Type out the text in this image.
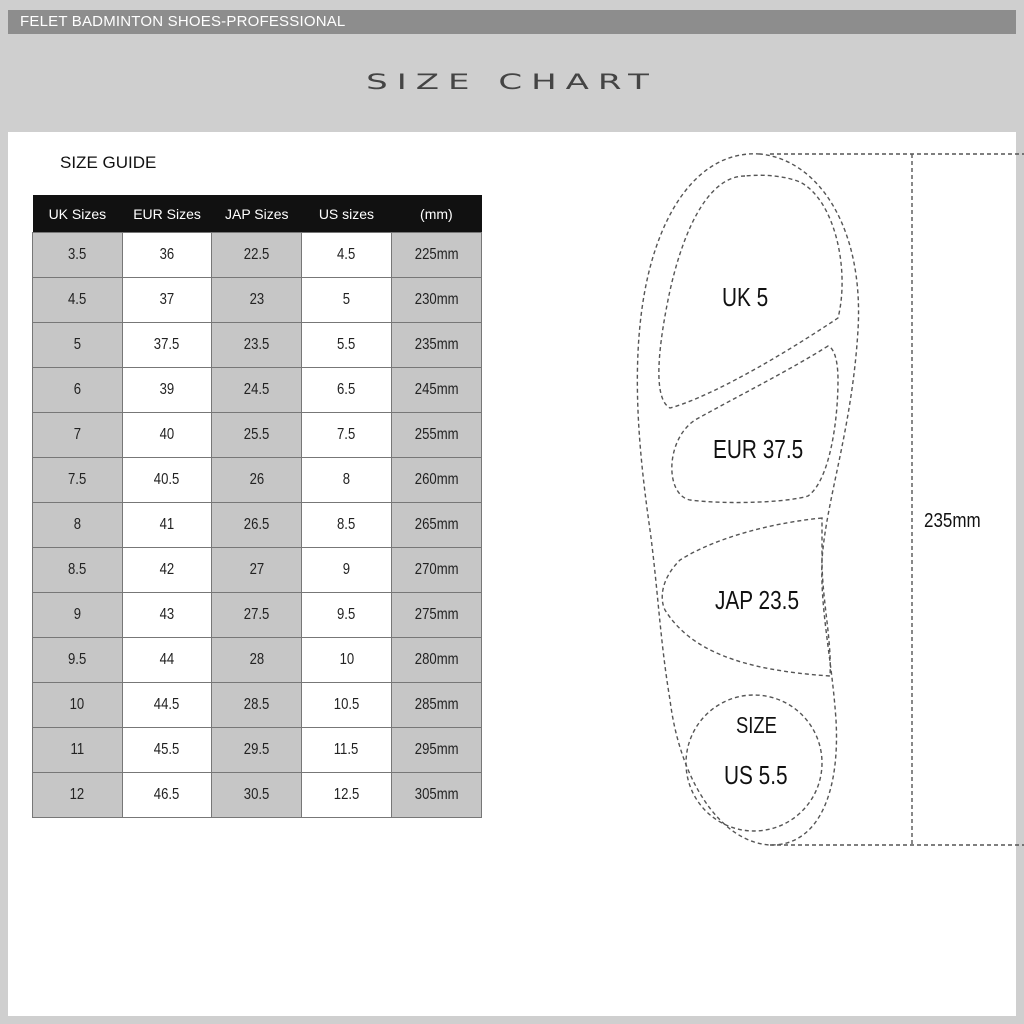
FELET BADMINTON SHOES-PROFESSIONAL
SIZE CHART
SIZE GUIDE
UK Sizes	EUR Sizes	JAP Sizes	US sizes	(mm)
3.5	36	22.5	4.5	225mm
4.5	37	23	5	230mm
5	37.5	23.5	5.5	235mm
6	39	24.5	6.5	245mm
7	40	25.5	7.5	255mm
7.5	40.5	26	8	260mm
8	41	26.5	8.5	265mm
8.5	42	27	9	270mm
9	43	27.5	9.5	275mm
9.5	44	28	10	280mm
10	44.5	28.5	10.5	285mm
11	45.5	29.5	11.5	295mm
12	46.5	30.5	12.5	305mm
UK 5
EUR 37.5
JAP 23.5
SIZE
US 5.5
235mm
